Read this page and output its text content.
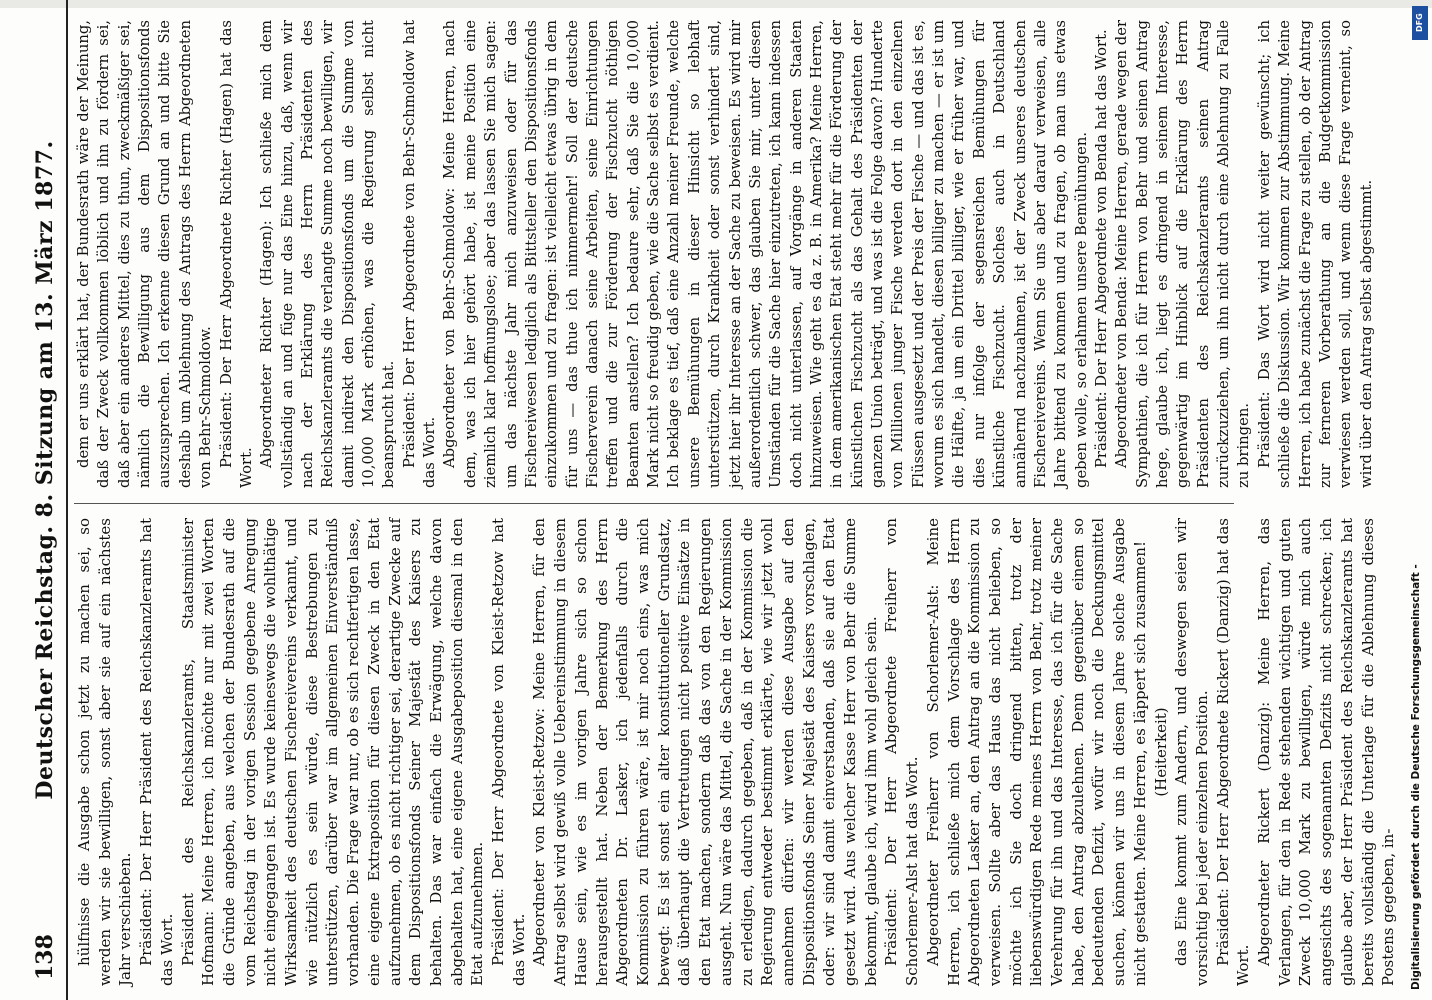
138
Deutscher Reichstag. 8. Sitzung am 13. März 1877. hülfnisse die Ausgabe schon jetzt zu machen sei, so werden wir sie bewilligen, sonst aber sie auf ein nächstes Jahr verschieben. Präsident: Der Herr Präsident des Reichskanzleramts hat das Wort. Präsident des Reichskanzleramts, Staatsminister Hofmann: Meine Herren, ich möchte nur mit zwei Worten die Gründe angeben, aus welchen der Bundesrath auf die vom Reichstag in der vorigen Session gegebene Anregung nicht eingegangen ist. Es wurde keineswegs die wohlthätige Wirksamkeit des deutschen Fischereivereins verkannt, und wie nützlich es sein würde, diese Bestrebungen zu unterstützen, darüber war im allgemeinen Einverständniß vorhanden. Die Frage war nur, ob es sich rechtfertigen lasse, eine eigene Extraposition für diesen Zweck in den Etat aufzunehmen, ob es nicht richtiger sei, derartige Zwecke auf dem Dispositionsfonds Seiner Majestät des Kaisers zu behalten. Das war einfach die Erwägung, welche davon abgehalten hat, eine eigene Ausgabeposition diesmal in den Etat aufzunehmen. Präsident: Der Herr Abgeordnete von Kleist-Retzow hat das Wort. Abgeordneter von Kleist-Retzow: Meine Herren, für den Antrag selbst wird gewiß volle Uebereinstimmung in diesem Hause sein, wie es im vorigen Jahre sich so schon herausgestellt hat. Neben der Bemerkung des Herrn Abgeordneten Dr. Lasker, ich jedenfalls durch die Kommission zu führen wäre, ist mir noch eins, was mich bewegt: Es ist sonst ein alter konstitutioneller Grundsatz, daß überhaupt die Vertretungen nicht positive Einsätze in den Etat machen, sondern daß das von den Regierungen ausgeht. Nun wäre das Mittel, die Sache in der Kommission zu erledigen, dadurch gegeben, daß in der Kommission die Regierung entweder bestimmt erklärte, wie wir jetzt wohl annehmen dürfen: wir werden diese Ausgabe auf den Dispositionsfonds Seiner Majestät des Kaisers vorschlagen, oder: wir sind damit einverstanden, daß sie auf den Etat gesetzt wird. Aus welcher Kasse Herr von Behr die Summe bekommt, glaube ich, wird ihm wohl gleich sein. Präsident: Der Herr Abgeordnete Freiherr von Schorlemer-Alst hat das Wort. Abgeordneter Freiherr von Schorlemer-Alst: Meine Herren, ich schließe mich dem Vorschlage des Herrn Abgeordneten Lasker an, den Antrag an die Kommission zu verweisen. Sollte aber das Haus das nicht belieben, so möchte ich Sie doch dringend bitten, trotz der liebenswürdigen Rede meines Herrn von Behr, trotz meiner Verehrung für ihn und das Interesse, das ich für die Sache habe, den Antrag abzulehnen. Denn gegenüber einem so bedeutenden Defizit, wofür wir noch die Deckungsmittel suchen, können wir uns in diesem Jahre solche Ausgabe nicht gestatten. Meine Herren, es läppert sich zusammen! (Heiterkeit) das Eine kommt zum Andern, und deswegen seien wir vorsichtig bei jeder einzelnen Position. Präsident: Der Herr Abgeordnete Rickert (Danzig) hat das Wort. Abgeordneter Rickert (Danzig): Meine Herren, das Verlangen, für den in Rede stehenden wichtigen und guten Zweck 10,000 Mark zu bewilligen, würde mich auch angesichts des sogenannten Defizits nicht schrecken; ich glaube aber, der Herr Präsident des Reichskanzleramts hat bereits vollständig die Unterlage für die Ablehnung dieses Postens gegeben, in-

dem er uns erklärt hat, der Bundesrath wäre der Meinung, daß der Zweck vollkommen löblich und ihn zu fördern sei, daß aber ein anderes Mittel, dies zu thun, zweckmäßiger sei, nämlich die Bewilligung aus dem Dispositionsfonds auszusprechen. Ich erkenne diesen Grund an und bitte Sie deshalb um Ablehnung des Antrags des Herrn Abgeordneten von Behr-Schmoldow. Präsident: Der Herr Abgeordnete Richter (Hagen) hat das Wort. Abgeordneter Richter (Hagen): Ich schließe mich dem vollständig an und füge nur das Eine hinzu, daß, wenn wir nach der Erklärung des Herrn Präsidenten des Reichskanzleramts die verlangte Summe noch bewilligen, wir damit indirekt den Dispositionsfonds um die Summe von 10,000 Mark erhöhen, was die Regierung selbst nicht beansprucht hat. Präsident: Der Herr Abgeordnete von Behr-Schmoldow hat das Wort. Abgeordneter von Behr-Schmoldow: Meine Herren, nach dem, was ich hier gehört habe, ist meine Position eine ziemlich klar hoffnungslose; aber das lassen Sie mich sagen: um das nächste Jahr mich anzuweisen oder für das Fischereiwesen lediglich als Bittsteller den Dispositionsfonds einzukommen und zu fragen: ist vielleicht etwas übrig in dem für uns — das thue ich nimmermehr! Soll der deutsche Fischerverein danach seine Arbeiten, seine Einrichtungen treffen und die zur Förderung der Fischzucht nöthigen Beamten anstellen? Ich bedaure sehr, daß Sie die 10,000 Mark nicht so freudig geben, wie die Sache selbst es verdient. Ich beklage es tief, daß eine Anzahl meiner Freunde, welche unsere Bemühungen in dieser Hinsicht so lebhaft unterstützen, durch Krankheit oder sonst verhindert sind, jetzt hier ihr Interesse an der Sache zu beweisen. Es wird mir außerordentlich schwer, das glauben Sie mir, unter diesen Umständen für die Sache hier einzutreten, ich kann indessen doch nicht unterlassen, auf Vorgänge in anderen Staaten hinzuweisen. Wie geht es da z. B. in Amerika? Meine Herren, in dem amerikanischen Etat steht mehr für die Förderung der künstlichen Fischzucht als das Gehalt des Präsidenten der ganzen Union beträgt, und was ist die Folge davon? Hunderte von Millionen junger Fische werden dort in den einzelnen Flüssen ausgesetzt und der Preis der Fische — und das ist es, worum es sich handelt, diesen billiger zu machen — er ist um die Hälfte, ja um ein Drittel billiger, wie er früher war, und dies nur infolge der segensreichen Bemühungen für künstliche Fischzucht. Solches auch in Deutschland annähernd nachzuahmen, ist der Zweck unseres deutschen Fischereivereins. Wenn Sie uns aber darauf verweisen, alle Jahre bittend zu kommen und zu fragen, ob man uns etwas geben wolle, so erlahmen unsere Bemühungen. Präsident: Der Herr Abgeordnete von Benda hat das Wort. Abgeordneter von Benda: Meine Herren, gerade wegen der Sympathien, die ich für Herrn von Behr und seinen Antrag hege, glaube ich, liegt es dringend in seinem Interesse, gegenwärtig im Hinblick auf die Erklärung des Herrn Präsidenten des Reichskanzleramts seinen Antrag zurückzuziehen, um ihn nicht durch eine Ablehnung zu Falle zu bringen. Präsident: Das Wort wird nicht weiter gewünscht; ich schließe die Diskussion. Wir kommen zur Abstimmung. Meine Herren, ich habe zunächst die Frage zu stellen, ob der Antrag zur ferneren Vorberathung an die Budgetkommission verwiesen werden soll, und wenn diese Frage verneint, so wird über den Antrag selbst abgestimmt.

DFG
Digitalisierung gefördert durch die Deutsche Forschungsgemeinschaft -
